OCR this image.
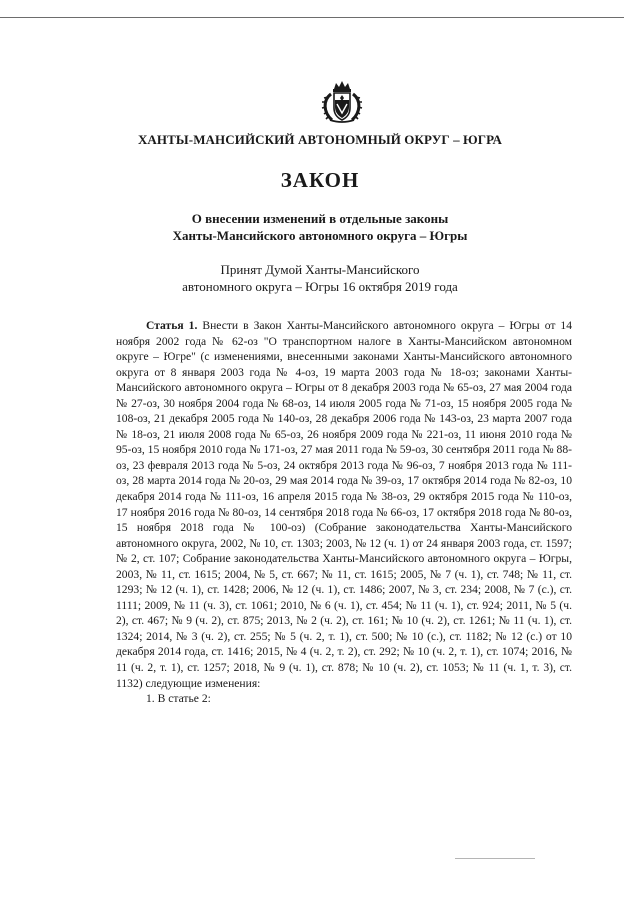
ХАНТЫ-МАНСИЙСКИЙ АВТОНОМНЫЙ ОКРУГ – ЮГРА
ЗАКОН
О внесении изменений в отдельные законы
Ханты-Мансийского автономного округа – Югры
Принят Думой Ханты-Мансийского
автономного округа – Югры 16 октября 2019 года

Статья 1. Внести в Закон Ханты-Мансийского автономного округа – Югры от 14 ноября 2002 года № 62-оз "О транспортном налоге в Ханты-Мансийском автономном округе – Югре" (с изменениями, внесенными законами Ханты-Мансийского автономного округа от 8 января 2003 года № 4-оз, 19 марта 2003 года № 18-оз; законами Ханты-Мансийского автономного округа – Югры от 8 декабря 2003 года № 65-оз, 27 мая 2004 года № 27-оз, 30 ноября 2004 года № 68-оз, 14 июля 2005 года № 71-оз, 15 ноября 2005 года № 108-оз, 21 декабря 2005 года № 140-оз, 28 декабря 2006 года № 143-оз, 23 марта 2007 года № 18-оз, 21 июля 2008 года № 65-оз, 26 ноября 2009 года № 221-оз, 11 июня 2010 года № 95-оз, 15 ноября 2010 года № 171-оз, 27 мая 2011 года № 59-оз, 30 сентября 2011 года № 88-оз, 23 февраля 2013 года № 5-оз, 24 октября 2013 года № 96-оз, 7 ноября 2013 года № 111-оз, 28 марта 2014 года № 20-оз, 29 мая 2014 года № 39-оз, 17 октября 2014 года № 82-оз, 10 декабря 2014 года № 111-оз, 16 апреля 2015 года № 38-оз, 29 октября 2015 года № 110-оз, 17 ноября 2016 года № 80-оз, 14 сентября 2018 года № 66-оз, 17 октября 2018 года № 80-оз, 15 ноября 2018 года № 100-оз) (Собрание законодательства Ханты-Мансийского автономного округа, 2002, № 10, ст. 1303; 2003, № 12 (ч. 1) от 24 января 2003 года, ст. 1597; № 2, ст. 107; Собрание законодательства Ханты-Мансийского автономного округа – Югры, 2003, № 11, ст. 1615; 2004, № 5, ст. 667; № 11, ст. 1615; 2005, № 7 (ч. 1), ст. 748; № 11, ст. 1293; № 12 (ч. 1), ст. 1428; 2006, № 12 (ч. 1), ст. 1486; 2007, № 3, ст. 234; 2008, № 7 (с.), ст. 1111; 2009, № 11 (ч. 3), ст. 1061; 2010, № 6 (ч. 1), ст. 454; № 11 (ч. 1), ст. 924; 2011, № 5 (ч. 2), ст. 467; № 9 (ч. 2), ст. 875; 2013, № 2 (ч. 2), ст. 161; № 10 (ч. 2), ст. 1261; № 11 (ч. 1), ст. 1324; 2014, № 3 (ч. 2), ст. 255; № 5 (ч. 2, т. 1), ст. 500; № 10 (с.), ст. 1182; № 12 (с.) от 10 декабря 2014 года, ст. 1416; 2015, № 4 (ч. 2, т. 2), ст. 292; № 10 (ч. 2, т. 1), ст. 1074; 2016, № 11 (ч. 2, т. 1), ст. 1257; 2018, № 9 (ч. 1), ст. 878; № 10 (ч. 2), ст. 1053; № 11 (ч. 1, т. 3), ст. 1132) следующие изменения:

1. В статье 2:
